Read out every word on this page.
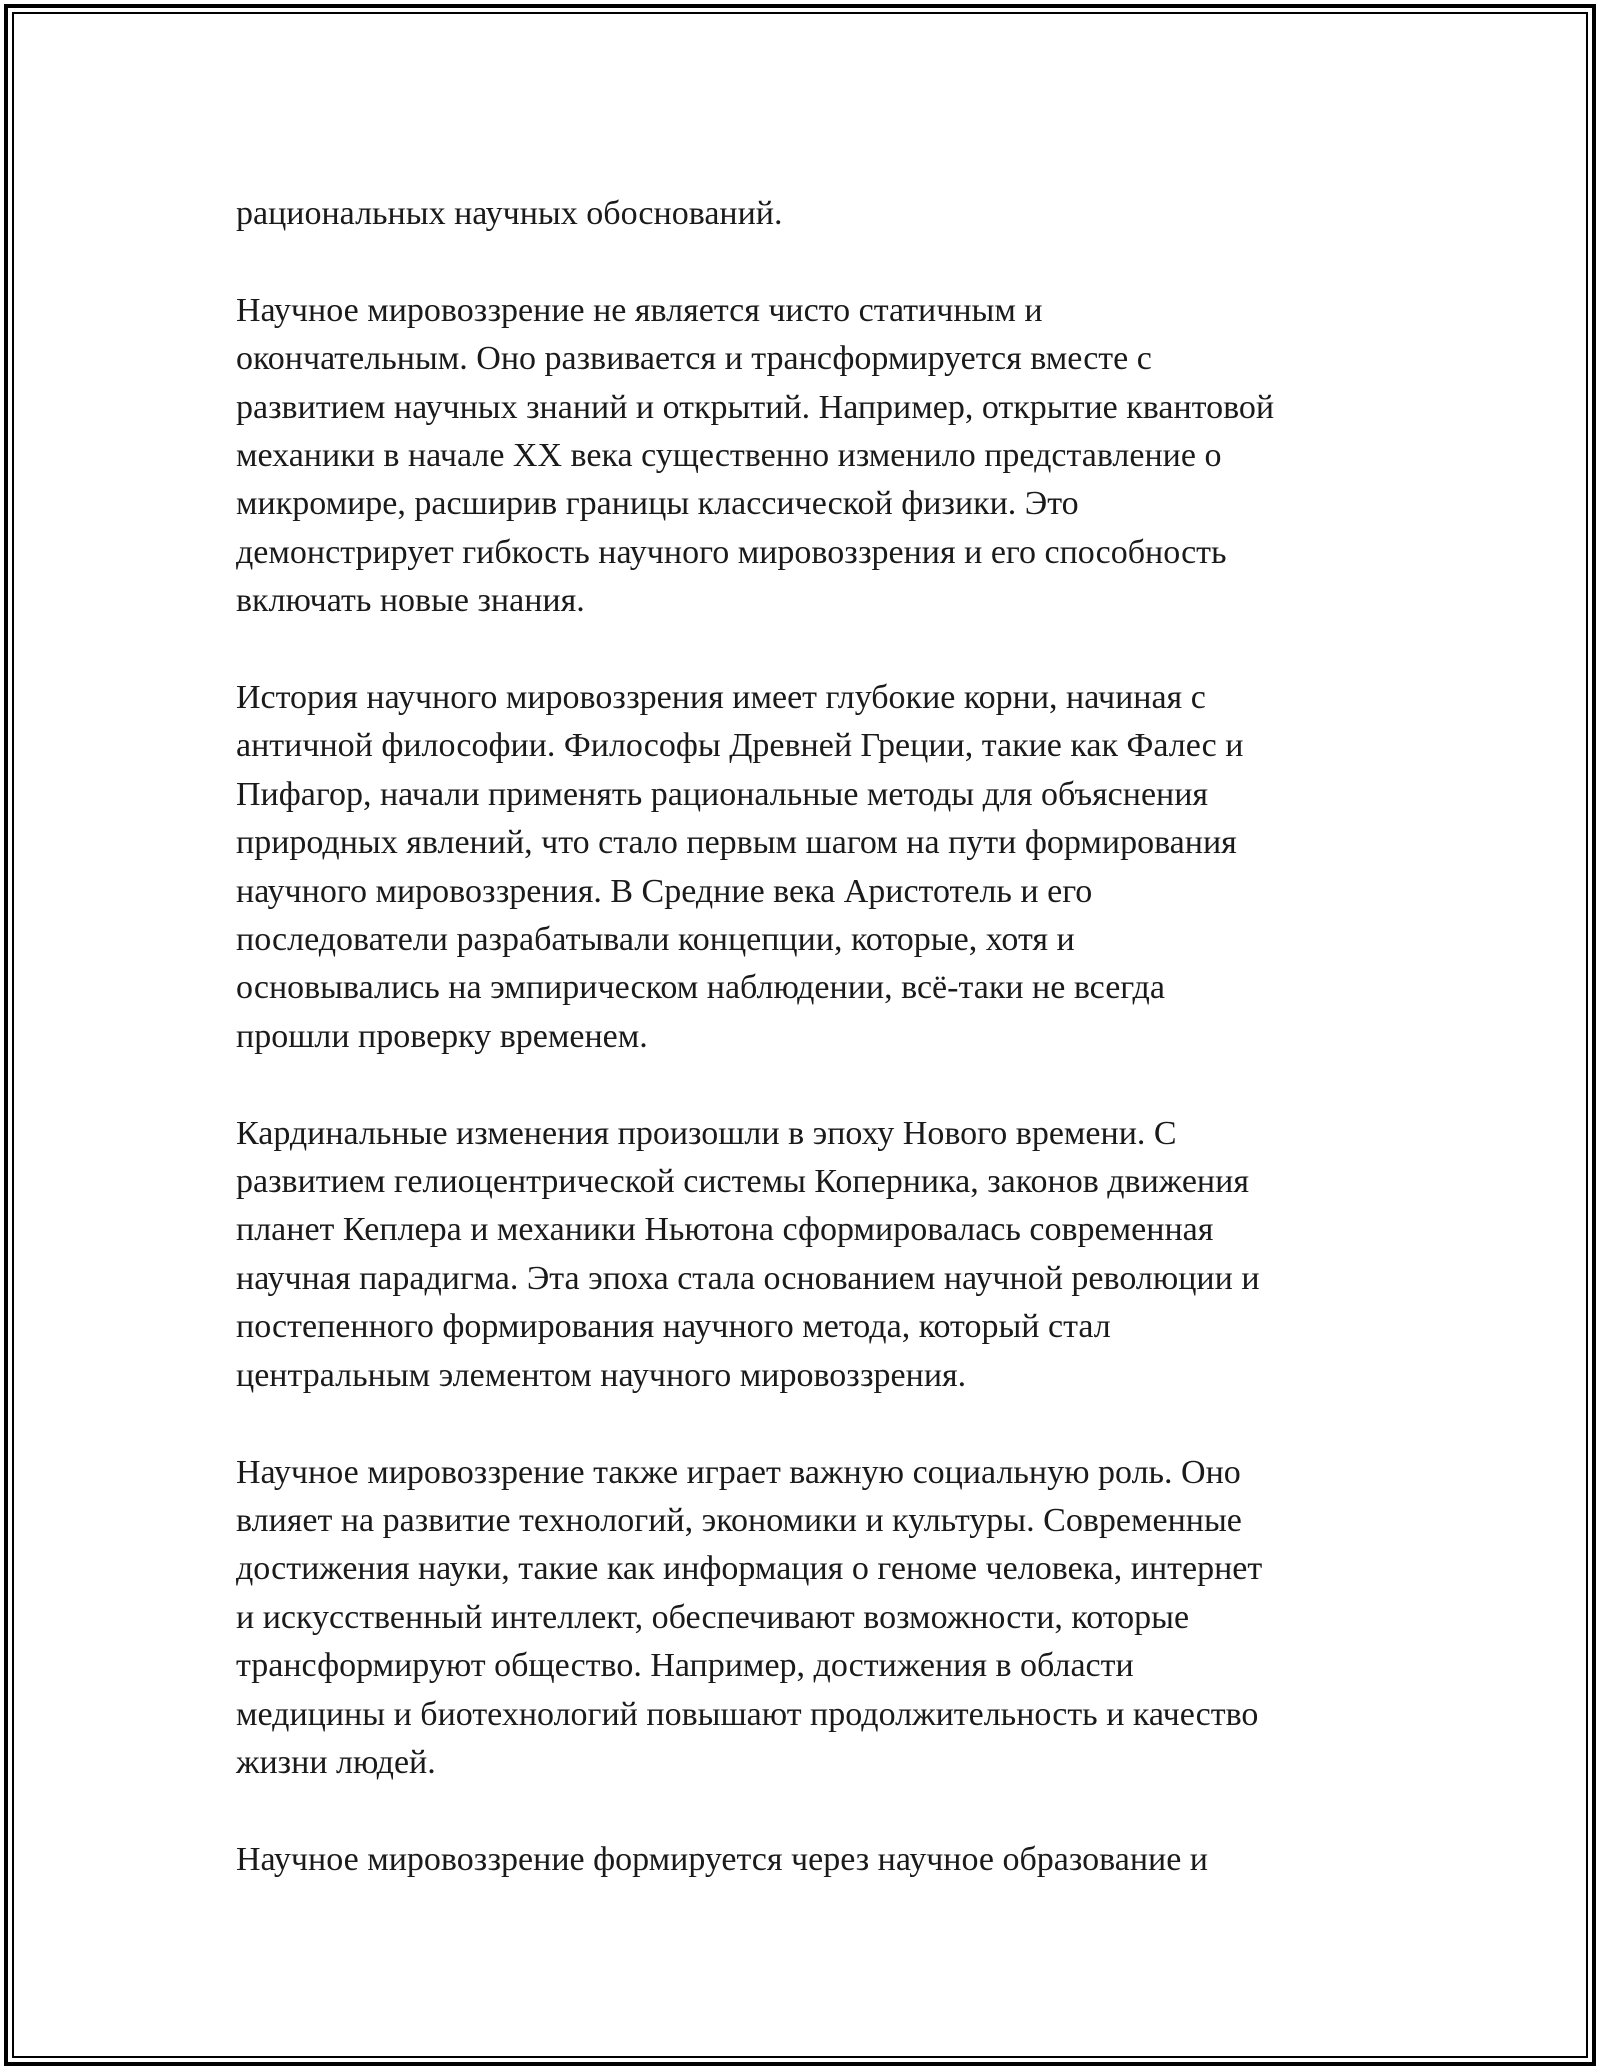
рациональных научных обоснований.

Научное мировоззрение не является чисто статичным и
окончательным. Оно развивается и трансформируется вместе с
развитием научных знаний и открытий. Например, открытие квантовой
механики в начале XX века существенно изменило представление о
микромире, расширив границы классической физики. Это
демонстрирует гибкость научного мировоззрения и его способность
включать новые знания.

История научного мировоззрения имеет глубокие корни, начиная с
античной философии. Философы Древней Греции, такие как Фалес и
Пифагор, начали применять рациональные методы для объяснения
природных явлений, что стало первым шагом на пути формирования
научного мировоззрения. В Средние века Аристотель и его
последователи разрабатывали концепции, которые, хотя и
основывались на эмпирическом наблюдении, всё-таки не всегда
прошли проверку временем.

Кардинальные изменения произошли в эпоху Нового времени. С
развитием гелиоцентрической системы Коперника, законов движения
планет Кеплера и механики Ньютона сформировалась современная
научная парадигма. Эта эпоха стала основанием научной революции и
постепенного формирования научного метода, который стал
центральным элементом научного мировоззрения.

Научное мировоззрение также играет важную социальную роль. Оно
влияет на развитие технологий, экономики и культуры. Современные
достижения науки, такие как информация о геноме человека, интернет
и искусственный интеллект, обеспечивают возможности, которые
трансформируют общество. Например, достижения в области
медицины и биотехнологий повышают продолжительность и качество
жизни людей.

Научное мировоззрение формируется через научное образование и
